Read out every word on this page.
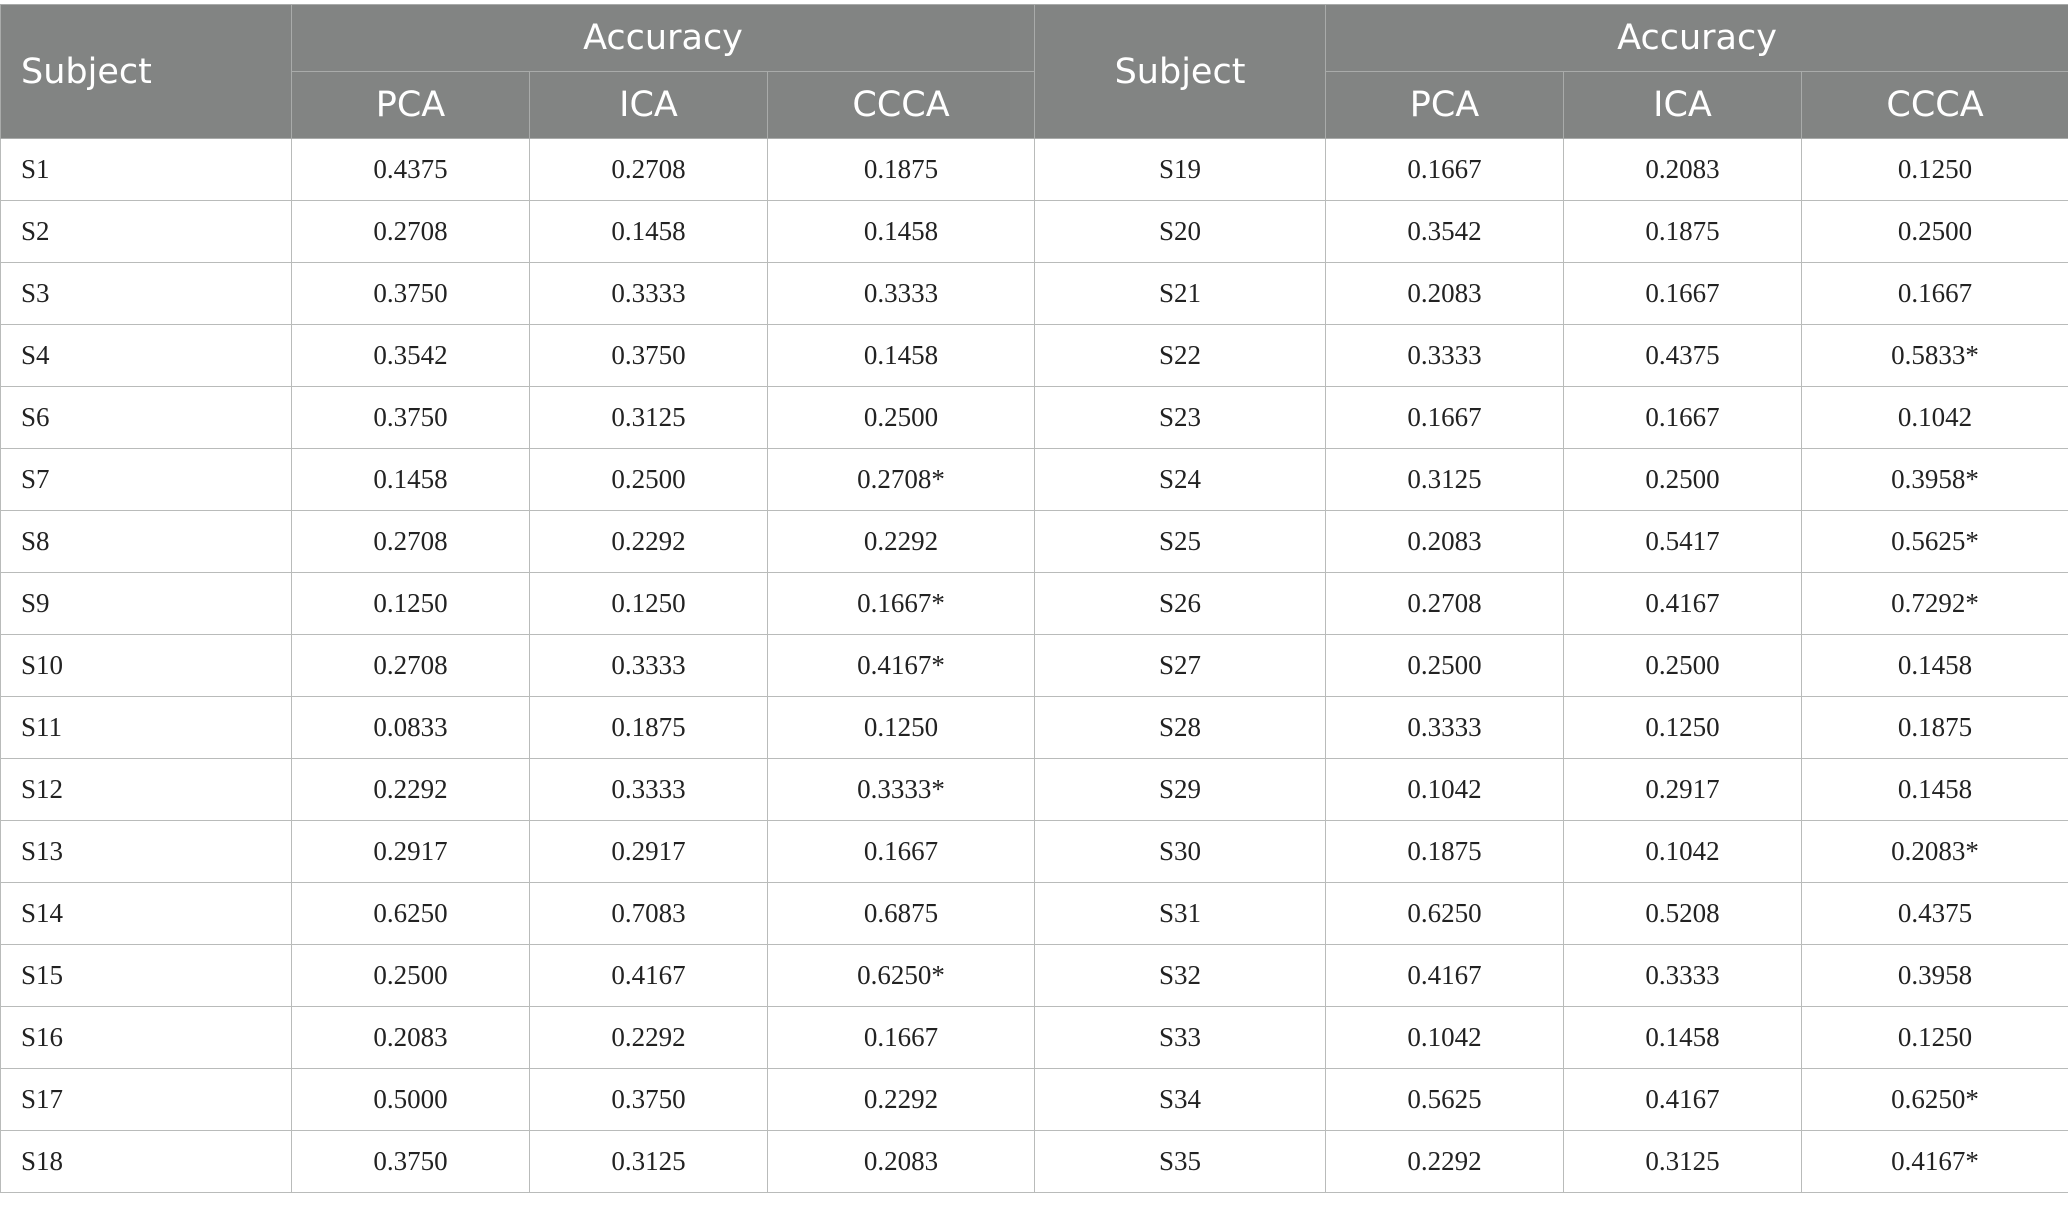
Subject	Accuracy			Subject	Accuracy		
	PCA	ICA	CCCA		PCA	ICA	CCCA
S1	0.4375	0.2708	0.1875	S19	0.1667	0.2083	0.1250
S2	0.2708	0.1458	0.1458	S20	0.3542	0.1875	0.2500
S3	0.3750	0.3333	0.3333	S21	0.2083	0.1667	0.1667
S4	0.3542	0.3750	0.1458	S22	0.3333	0.4375	0.5833*
S6	0.3750	0.3125	0.2500	S23	0.1667	0.1667	0.1042
S7	0.1458	0.2500	0.2708*	S24	0.3125	0.2500	0.3958*
S8	0.2708	0.2292	0.2292	S25	0.2083	0.5417	0.5625*
S9	0.1250	0.1250	0.1667*	S26	0.2708	0.4167	0.7292*
S10	0.2708	0.3333	0.4167*	S27	0.2500	0.2500	0.1458
S11	0.0833	0.1875	0.1250	S28	0.3333	0.1250	0.1875
S12	0.2292	0.3333	0.3333*	S29	0.1042	0.2917	0.1458
S13	0.2917	0.2917	0.1667	S30	0.1875	0.1042	0.2083*
S14	0.6250	0.7083	0.6875	S31	0.6250	0.5208	0.4375
S15	0.2500	0.4167	0.6250*	S32	0.4167	0.3333	0.3958
S16	0.2083	0.2292	0.1667	S33	0.1042	0.1458	0.1250
S17	0.5000	0.3750	0.2292	S34	0.5625	0.4167	0.6250*
S18	0.3750	0.3125	0.2083	S35	0.2292	0.3125	0.4167*
